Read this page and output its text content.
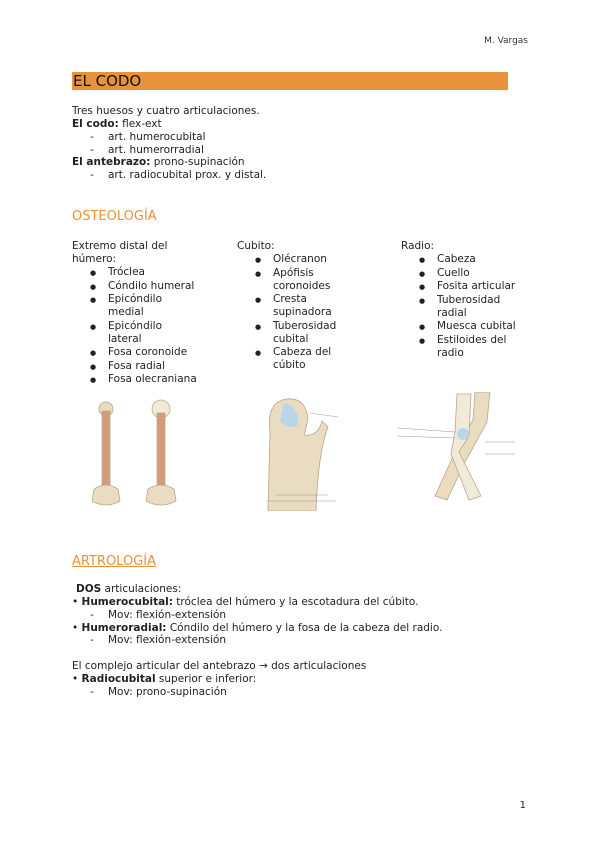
M. Vargas
EL CODO
Tres huesos y cuatro articulaciones.
El codo: flex-ext
- art. humerocubital
- art. humerorradial
El antebrazo: prono-supinación
- art. radiocubital prox. y distal.
OSTEOLOGÍA
Extremo distal del
húmero:
● Tróclea
● Cóndilo humeral
● Epicóndilo medial
● Epicóndilo lateral
● Fosa coronoide
● Fosa radial
● Fosa olecraniana
Cubito:
● Olécranon
● Apófisis coronoides
● Cresta supinadora
● Tuberosidad cubital
● Cabeza del cúbito
Radio:
● Cabeza
● Cuello
● Fosita articular
● Tuberosidad radial
● Muesca cubital
● Estiloides del radio
ARTROLOGÍA
DOS articulaciones:
• Humerocubital: tróclea del húmero y la escotadura del cúbito.
- Mov: flexión-extensión
• Humeroradial: Cóndilo del húmero y la fosa de la cabeza del radio.
- Mov: flexión-extensión
El complejo articular del antebrazo → dos articulaciones
• Radiocubital superior e inferior:
- Mov: prono-supinación
1
